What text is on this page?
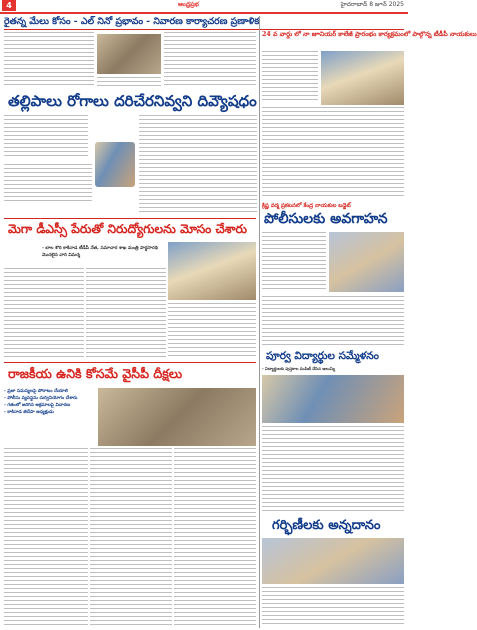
4	ఆంధ్రప్రభ	హైదరాబాద్ 8 జూన్ 2025
రైతన్న మేలు కోసం - ఎల్ నినో ప్రభావం - నివారణ కార్యాచరణ ప్రణాళిక
24 వ వార్డు లో నా జూనియర్ కాలేజీ ప్రారంభం కార్యక్రమంలో పాల్గొన్న టీడీపీ నాయకులు
తల్లిపాలు రోగాలు దరిచేరనివ్వని దివ్యౌషధం
క్రిష్ణ వర్మ ప్రకటనలో కేంద్ర నాయకుల బడ్జెట్
పోలీసులకు అవగాహన
మెగా డీఎస్సీ పేరుతో నిరుద్యోగులను మోసం చేశారు
- బాల శౌరి కాకినాడ టీడీపీ నేత, సమాచార శాఖ మంత్రి పార్థసారథి మొదలైన వారి విమర్శ
పూర్వ విద్యార్థుల సమ్మేళనం
- విద్యార్థులకు పుస్తకాల పంపిణీ చేసిన ఆలుమ్ని
రాజకీయ ఉనికి కోసమే వైసీపీ దీక్షలు
- ప్రజా సమస్యలపై పోరాటం చేయాలి
- పోలీసు వ్యవస్థను దుర్వినియోగం చేశారు
- గతంలో జరిగిన అక్రమాలపై విచారణ
- కాకినాడ తెదేపా అధ్యక్షుడు
గర్భిణీలకు అన్నదానం
